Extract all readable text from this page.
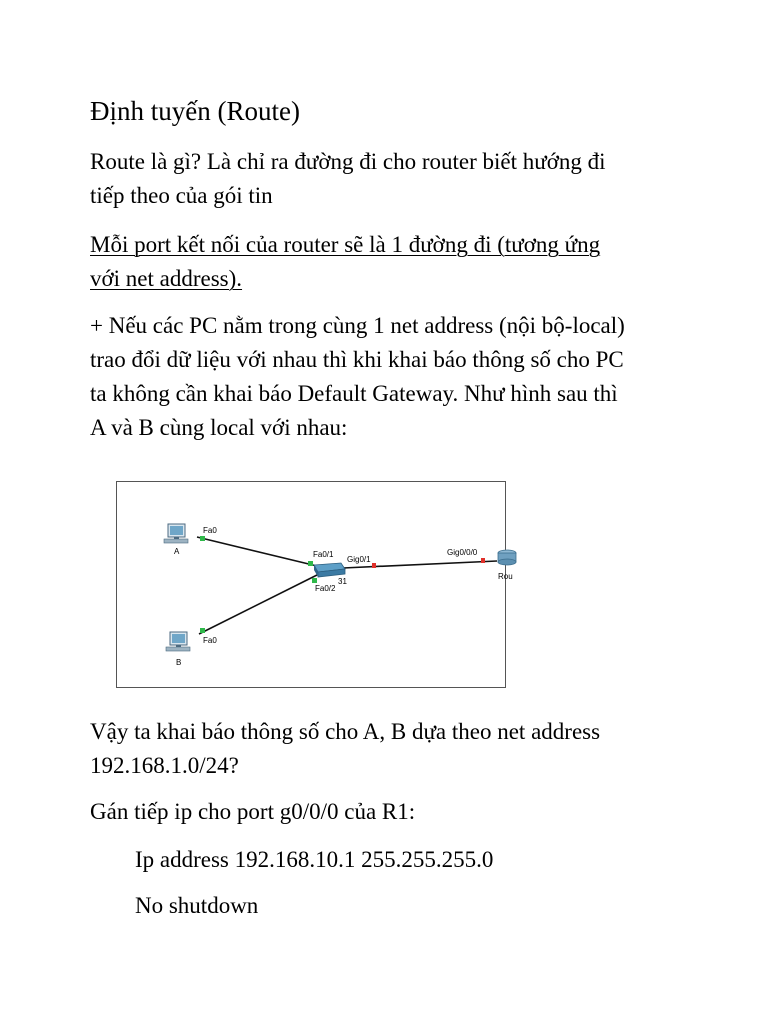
Định tuyến (Route)
Route là gì? Là chỉ ra đường đi cho router biết hướng đi
tiếp theo của gói tin
Mỗi port kết nối của router sẽ là 1 đường đi (tương ứng
với net address).
+ Nếu các PC nằm trong cùng 1 net address (nội bộ-local)
trao đổi dữ liệu với nhau thì khi khai báo thông số cho PC
ta không cần khai báo Default Gateway. Như hình sau thì
A và B cùng local với nhau:
Fa0
A	Fa0/1
Gig0/1
Gig0/0/0
31
Fa0/2
Rou
Fa0
B
Vậy ta khai báo thông số cho A, B dựa theo net address
192.168.1.0/24?
Gán tiếp ip cho port g0/0/0 của R1:
Ip address 192.168.10.1 255.255.255.0
No shutdown
